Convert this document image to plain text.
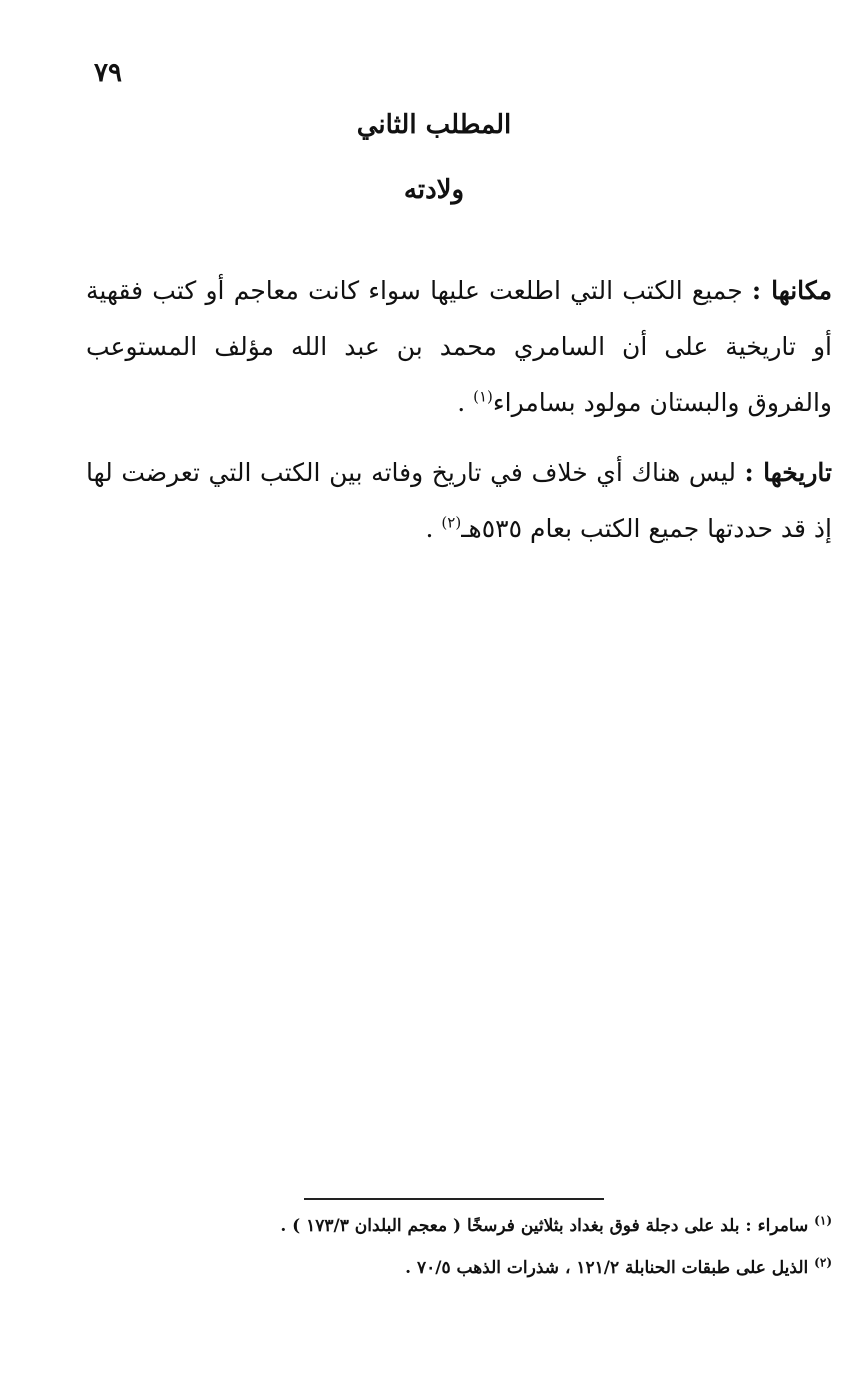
٧٩
المطلب الثاني
ولادته

مكانها : جميع الكتب التي اطلعت عليها سواء كانت معاجم أو كتب فقهية أو تاريخية على أن السامري محمد بن عبد الله مؤلف المستوعب والفروق والبستان مولود بسامراء$^{(١)}$ .

تاريخها : ليس هناك أي خلاف في تاريخ وفاته بين الكتب التي تعرضت لها إذ قد حددتها جميع الكتب بعام ٥٣٥هـ$^{(٢)}$ .

$^{(١)}$ سامراء : بلد على دجلة فوق بغداد بثلاثين فرسخًا ( معجم البلدان ١٧٣/٣ ) .
$^{(٢)}$ الذيل على طبقات الحنابلة ١٢١/٢ ، شذرات الذهب ٧٠/٥ .
